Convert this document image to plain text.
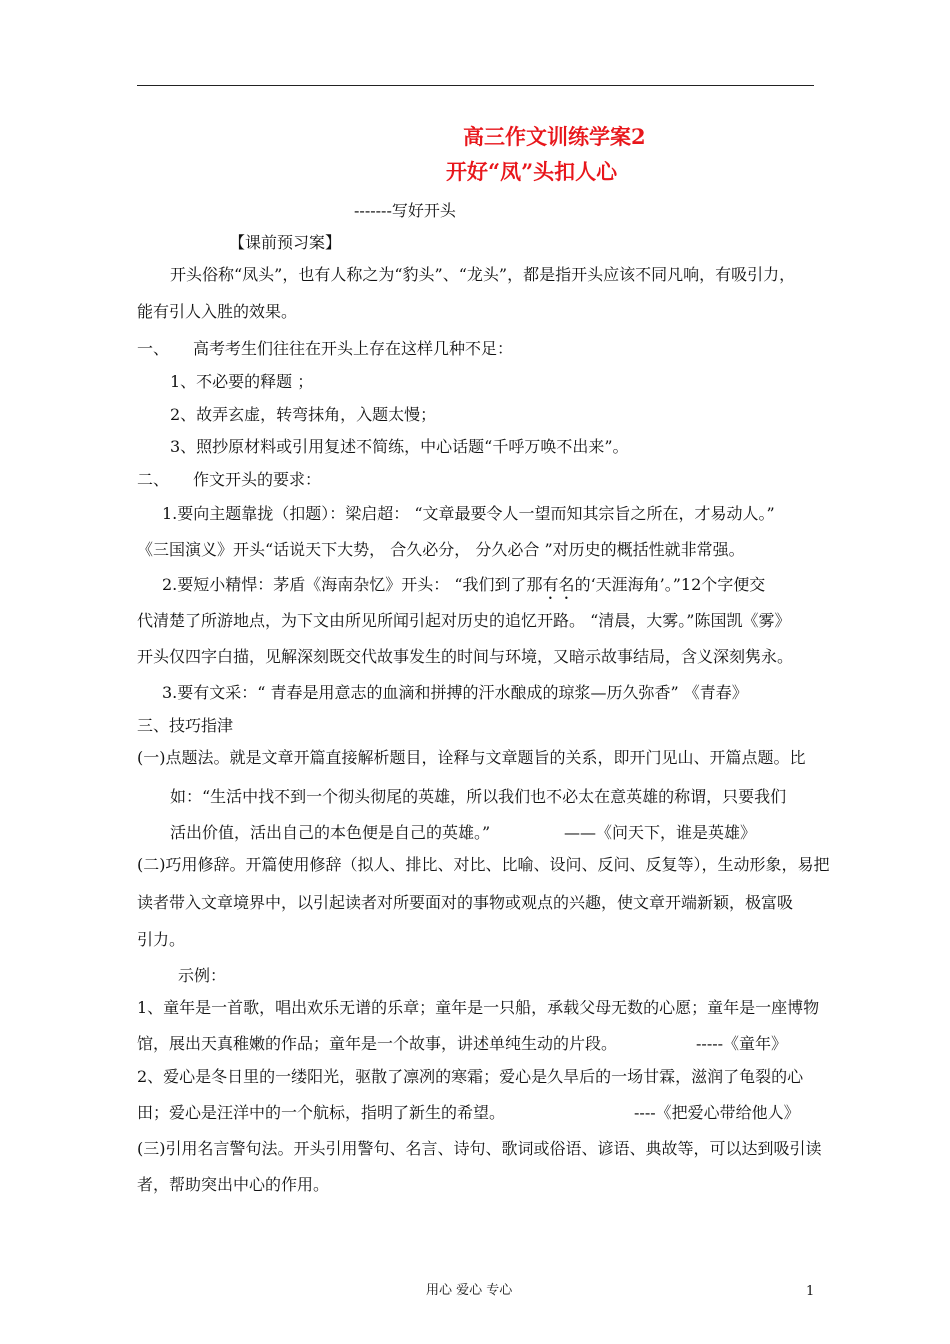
高三作文训练学案2
开好“凤”头扣人心
-------写好开头
【课前预习案】
开头俗称“凤头”，也有人称之为“豹头”、“龙头”，都是指开头应该不同凡响，有吸引力，
能有引人入胜的效果。
一、 高考考生们往往在开头上存在这样几种不足：
1、不必要的释题 ；
2、故弄玄虚，转弯抹角，入题太慢；
3、照抄原材料或引用复述不简练，中心话题“千呼万唤不出来”。
二、 作文开头的要求：
1.要向主题靠拢（扣题）：梁启超： “文章最要令人一望而知其宗旨之所在，才易动人。”
《三国演义》开头“话说天下大势， 合久必分， 分久必合 ”对历史的概括性就非常强。
2.要短小精悍：茅盾《海南杂忆》开头： “我们到了那有名的‘天涯海角’。”12个字便交
代清楚了所游地点，为下文由所见所闻引起对历史的追忆开路。 “清晨，大雾。”陈国凯《雾》
开头仅四字白描，见解深刻既交代故事发生的时间与环境，又暗示故事结局，含义深刻隽永。
3.要有文采：“ 青春是用意志的血滴和拼搏的汗水酿成的琼浆—历久弥香” 《青春》
三、技巧指津
(一)点题法。就是文章开篇直接解析题目，诠释与文章题旨的关系，即开门见山、开篇点题。比
如：“生活中找不到一个彻头彻尾的英雄，所以我们也不必太在意英雄的称谓，只要我们
活出价值，活出自己的本色便是自己的英雄。”	——《问天下，谁是英雄》
(二)巧用修辞。开篇使用修辞（拟人、排比、对比、比喻、设问、反问、反复等），生动形象，易把
读者带入文章境界中，以引起读者对所要面对的事物或观点的兴趣，使文章开端新颖，极富吸
引力。
示例：
1、童年是一首歌，唱出欢乐无谱的乐章；童年是一只船，承载父母无数的心愿；童年是一座博物
馆，展出天真稚嫩的作品；童年是一个故事，讲述单纯生动的片段。	-----《童年》
2、爱心是冬日里的一缕阳光，驱散了凛冽的寒霜；爱心是久旱后的一场甘霖，滋润了龟裂的心
田；爱心是汪洋中的一个航标，指明了新生的希望。	----《把爱心带给他人》
(三)引用名言警句法。开头引用警句、名言、诗句、歌词或俗语、谚语、典故等，可以达到吸引读
者，帮助突出中心的作用。
用心 爱心 专心	1
